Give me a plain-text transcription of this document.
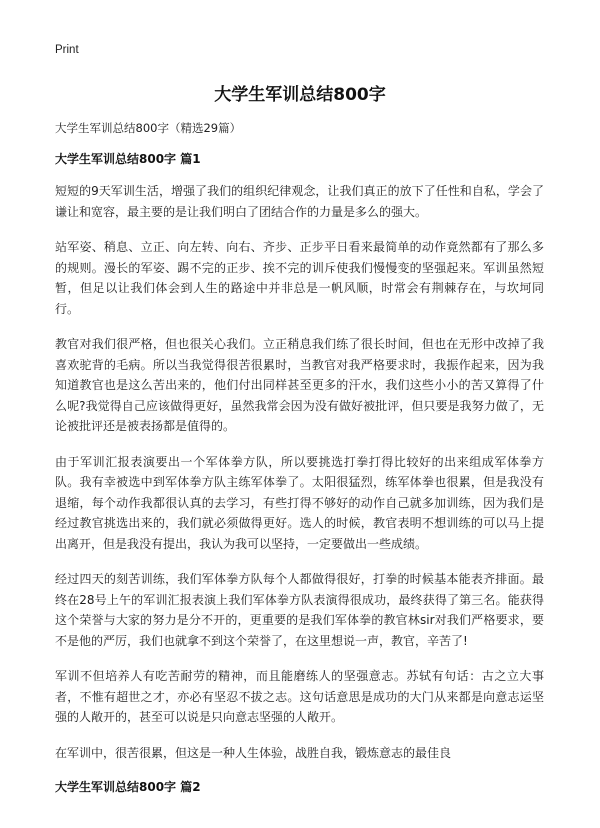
Print
大学生军训总结800字

大学生军训总结800字（精选29篇）

大学生军训总结800字 篇1

短短的9天军训生活，增强了我们的组织纪律观念，让我们真正的放下了任性和自私，学会了谦让和宽容，最主要的是让我们明白了团结合作的力量是多么的强大。

站军姿、稍息、立正、向左转、向右、齐步、正步平日看来最简单的动作竟然都有了那么多的规则。漫长的军姿、踢不完的正步、挨不完的训斥使我们慢慢变的坚强起来。军训虽然短暂，但足以让我们体会到人生的路途中并非总是一帆风顺，时常会有荆棘存在，与坎坷同行。

教官对我们很严格，但也很关心我们。立正稍息我们练了很长时间，但也在无形中改掉了我喜欢驼背的毛病。所以当我觉得很苦很累时，当教官对我严格要求时，我振作起来，因为我知道教官也是这么苦出来的，他们付出同样甚至更多的汗水，我们这些小小的苦又算得了什么呢?我觉得自己应该做得更好，虽然我常会因为没有做好被批评，但只要是我努力做了，无论被批评还是被表扬都是值得的。

由于军训汇报表演要出一个军体拳方队，所以要挑选打拳打得比较好的出来组成军体拳方队。我有幸被选中到军体拳方队主练军体拳了。太阳很猛烈，练军体拳也很累，但是我没有退缩，每个动作我都很认真的去学习，有些打得不够好的动作自己就多加训练，因为我们是经过教官挑选出来的，我们就必须做得更好。选人的时候，教官表明不想训练的可以马上提出离开，但是我没有提出，我认为我可以坚持，一定要做出一些成绩。

经过四天的刻苦训练，我们军体拳方队每个人都做得很好，打拳的时候基本能表齐排面。最终在28号上午的军训汇报表演上我们军体拳方队表演得很成功，最终获得了第三名。能获得这个荣誉与大家的努力是分不开的，更重要的是我们军体拳的教官林sir对我们严格要求，要不是他的严厉，我们也就拿不到这个荣誉了，在这里想说一声，教官，辛苦了!

军训不但培养人有吃苦耐劳的精神，而且能磨练人的坚强意志。苏轼有句话：古之立大事者，不惟有超世之才，亦必有坚忍不拔之志。这句话意思是成功的大门从来都是向意志运坚强的人敞开的，甚至可以说是只向意志坚强的人敞开。

在军训中，很苦很累，但这是一种人生体验，战胜自我，锻炼意志的最佳良

大学生军训总结800字 篇2
